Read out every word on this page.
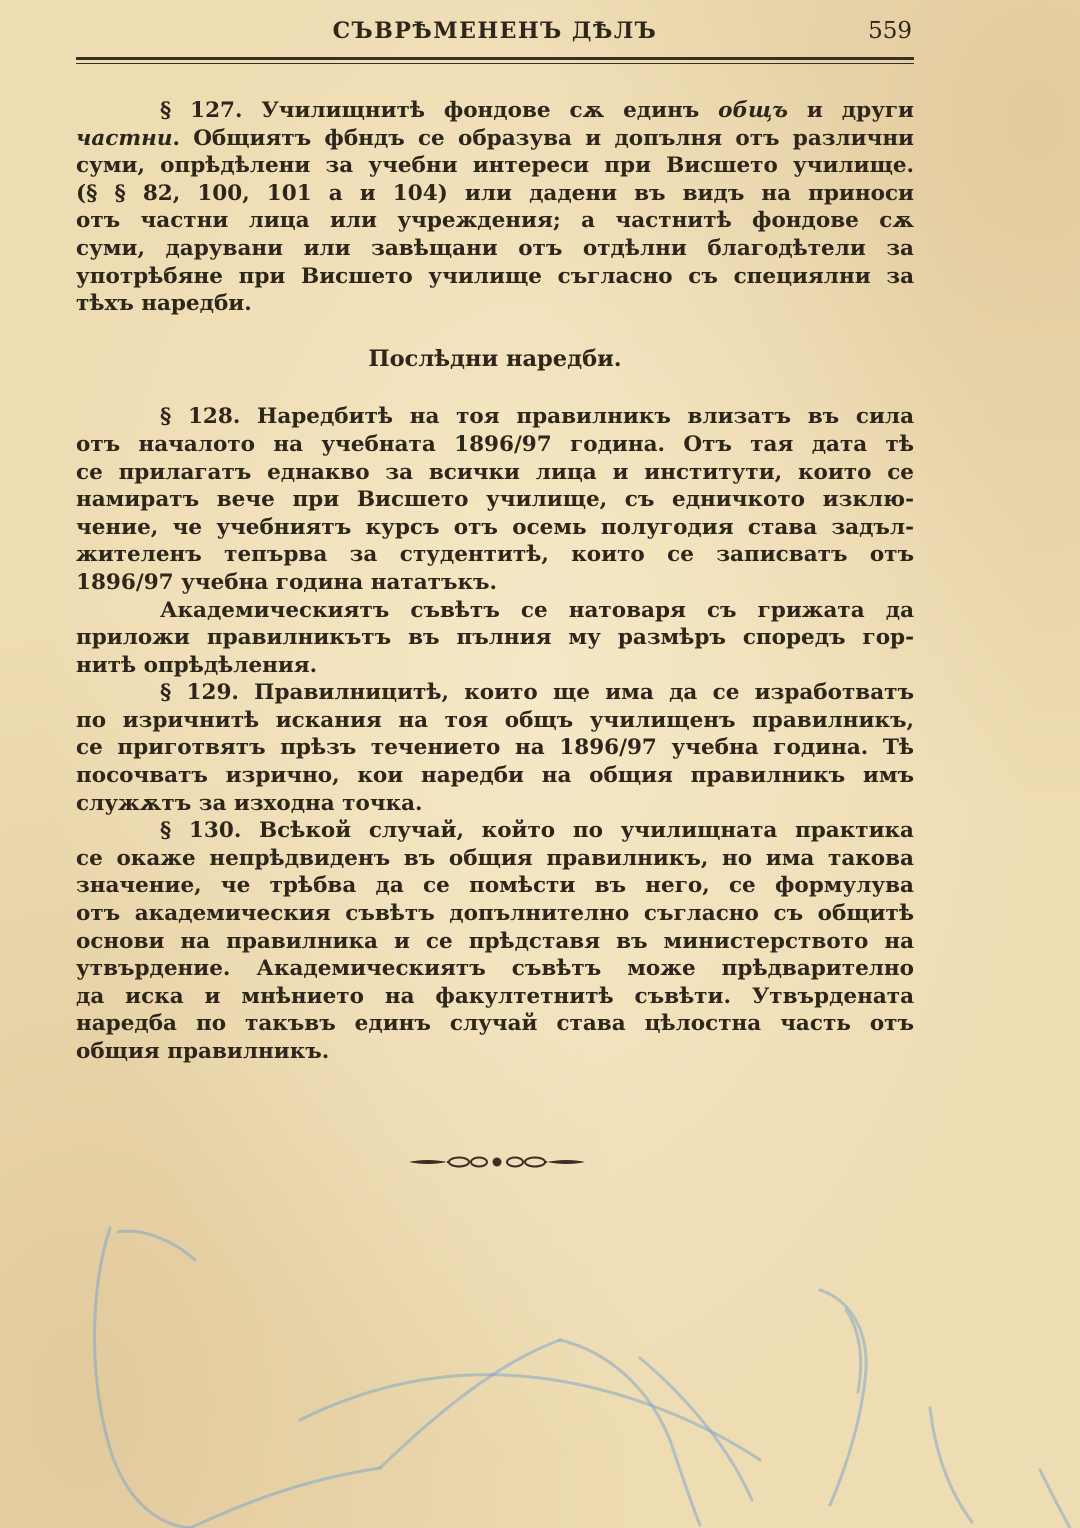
СЪВРѢМЕНЕНЪ ДѢЛЪ	559
§ 127. Училищнитѣ фондове сѫ единъ общъ и други
частни. Общиятъ фбндъ се образува и допълня отъ различни
суми, опрѣдѣлени за учебни интереси при Висшето училище.
(§ § 82, 100, 101 а и 104) или дадени въ видъ на приноси
отъ частни лица или учреждения; а частнитѣ фондове сѫ
суми, дарувани или завѣщани отъ отдѣлни благодѣтели за
употрѣбяне при Висшето училище съгласно съ специялни за
тѣхъ наредби.
Послѣдни наредби.
§ 128. Наредбитѣ на тоя правилникъ влизатъ въ сила
отъ началото на учебната 1896/97 година. Отъ тая дата тѣ
се прилагатъ еднакво за всички лица и институти, които се
намиратъ вече при Висшето училище, съ едничкото изклю-
чение, че учебниятъ курсъ отъ осемь полугодия става задъл-
жителенъ тепърва за студентитѣ, които се записватъ отъ
1896/97 учебна година нататъкъ.
Академическиятъ съвѣтъ се натоваря съ грижата да
приложи правилникътъ въ пълния му размѣръ споредъ гор-
нитѣ опрѣдѣления.
§ 129. Правилницитѣ, които ще има да се изработватъ
по изричнитѣ искания на тоя общъ училищенъ правилникъ,
се приготвятъ прѣзъ течението на 1896/97 учебна година. Тѣ
посочватъ изрично, кои наредби на общия правилникъ имъ
служѫтъ за изходна точка.
§ 130. Всѣкой случай, който по училищната практика
се окаже непрѣдвиденъ въ общия правилникъ, но има такова
значение, че трѣбва да се помѣсти въ него, се формулува
отъ академическия съвѣтъ допълнително съгласно съ общитѣ
основи на правилника и се прѣдставя въ министерството на
утвърдение. Академическиятъ съвѣтъ може прѣдварително
да иска и мнѣнието на факултетнитѣ съвѣти. Утвърдената
наредба по такъвъ единъ случай става цѣлостна часть отъ
общия правилникъ.
